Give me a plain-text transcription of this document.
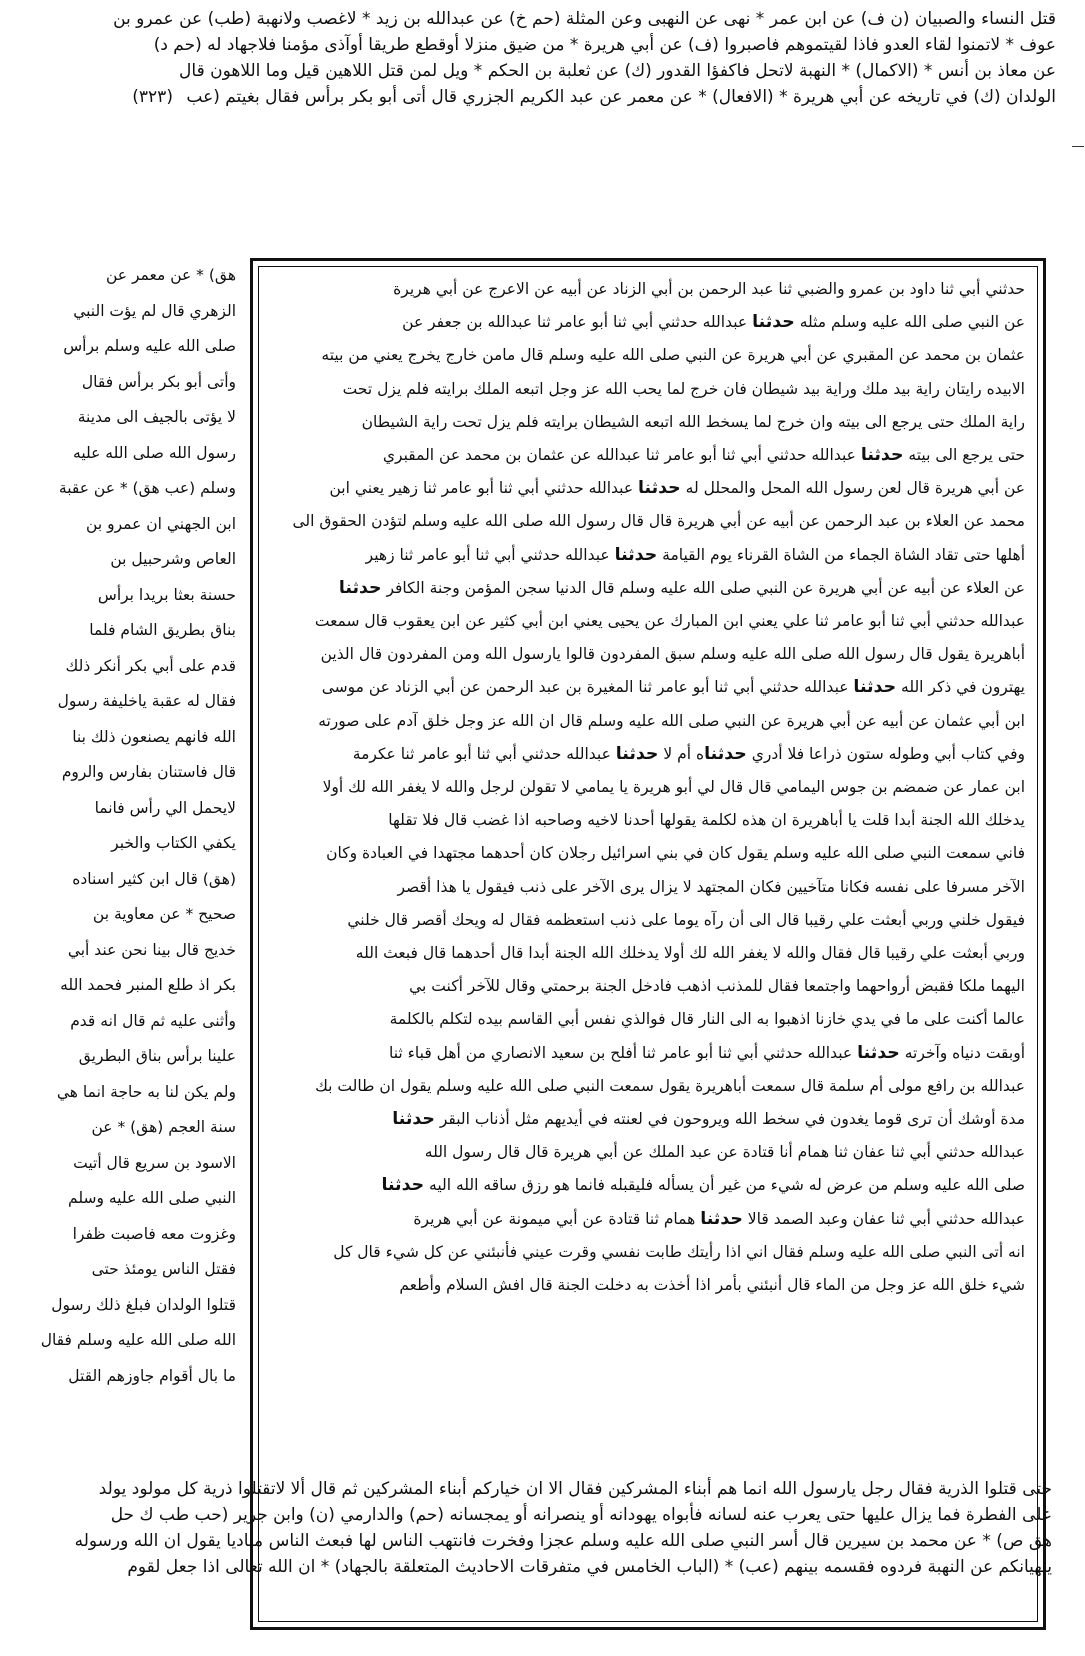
قتل النساء والصبيان (ن ف) عن ابن عمر * نهى عن النهبى وعن المثلة (حم خ) عن عبدالله بن زيد * لاغصب ولانهبة (طب) عن عمرو بن
عوف * لاتمنوا لقاء العدو فاذا لقيتموهم فاصبروا (ف) عن أبي هريرة * من ضيق منزلا أوقطع طريقا أوآذى مؤمنا فلاجهاد له (حم د)
عن معاذ بن أنس * (الاكمال) * النهبة لاتحل فاكفؤا القدور (ك) عن ثعلبة بن الحكم * ويل لمن قتل اللاهين قيل وما اللاهون قال
الولدان (ك) في تاريخه عن أبي هريرة * (الافعال) * عن معمر عن عبد الكريم الجزري قال أتى أبو بكر برأس فقال بغيتم (عب (٣٢٣)

هق) * عن معمر عن

الزهري قال لم يؤت النبي

صلى الله عليه وسلم برأس

وأتى أبو بكر برأس فقال

لا يؤتى بالجيف الى مدينة

رسول الله صلى الله عليه

وسلم (عب هق) * عن عقبة

ابن الجهني ان عمرو بن

العاص وشرحبيل بن

حسنة بعثا بريدا برأس

بناق بطريق الشام فلما

قدم على أبي بكر أنكر ذلك

فقال له عقبة ياخليفة رسول

الله فانهم يصنعون ذلك بنا

قال فاستنان بفارس والروم

لايحمل الي رأس فانما

يكفي الكتاب والخبر

(هق) قال ابن كثير اسناده

صحيح * عن معاوية بن

خديج قال بينا نحن عند أبي

بكر اذ طلع المنبر فحمد الله

وأثنى عليه ثم قال انه قدم

علينا برأس بناق البطريق

ولم يكن لنا به حاجة انما هي

سنة العجم (هق) * عن

الاسود بن سريع قال أتيت

النبي صلى الله عليه وسلم

وغزوت معه فاصبت ظفرا

فقتل الناس يومئذ حتى

قتلوا الولدان فبلغ ذلك رسول

الله صلى الله عليه وسلم فقال

ما بال أقوام جاوزهم القتل

حدثني أبي ثنا داود بن عمرو والضبي ثنا عبد الرحمن بن أبي الزناد عن أبيه عن الاعرج عن أبي هريرة

عن النبي صلى الله عليه وسلم مثله حدثنا عبدالله حدثني أبي ثنا أبو عامر ثنا عبدالله بن جعفر عن

عثمان بن محمد عن المقبري عن أبي هريرة عن النبي صلى الله عليه وسلم قال مامن خارج يخرج يعني من بيته

الابيده رايتان راية بيد ملك وراية بيد شيطان فان خرج لما يحب الله عز وجل اتبعه الملك برايته فلم يزل تحت

راية الملك حتى يرجع الى بيته وان خرج لما يسخط الله اتبعه الشيطان برايته فلم يزل تحت راية الشيطان

حتى يرجع الى بيته حدثنا عبدالله حدثني أبي ثنا أبو عامر ثنا عبدالله عن عثمان بن محمد عن المقبري

عن أبي هريرة قال لعن رسول الله المحل والمحلل له حدثنا عبدالله حدثني أبي ثنا أبو عامر ثنا زهير يعني ابن

محمد عن العلاء بن عبد الرحمن عن أبيه عن أبي هريرة قال قال رسول الله صلى الله عليه وسلم لتؤدن الحقوق الى

أهلها حتى تقاد الشاة الجماء من الشاة القرناء يوم القيامة حدثنا عبدالله حدثني أبي ثنا أبو عامر ثنا زهير

عن العلاء عن أبيه عن أبي هريرة عن النبي صلى الله عليه وسلم قال الدنيا سجن المؤمن وجنة الكافر حدثنا

عبدالله حدثني أبي ثنا أبو عامر ثنا علي يعني ابن المبارك عن يحيى يعني ابن أبي كثير عن ابن يعقوب قال سمعت

أباهريرة يقول قال رسول الله صلى الله عليه وسلم سبق المفردون قالوا يارسول الله ومن المفردون قال الذين

يهترون في ذكر الله حدثنا عبدالله حدثني أبي ثنا أبو عامر ثنا المغيرة بن عبد الرحمن عن أبي الزناد عن موسى

ابن أبي عثمان عن أبيه عن أبي هريرة عن النبي صلى الله عليه وسلم قال ان الله عز وجل خلق آدم على صورته

وفي كتاب أبي وطوله ستون ذراعا فلا أدري حدثناه أم لا حدثنا عبدالله حدثني أبي ثنا أبو عامر ثنا عكرمة

ابن عمار عن ضمضم بن جوس اليمامي قال قال لي أبو هريرة يا يمامي لا تقولن لرجل والله لا يغفر الله لك أولا

يدخلك الله الجنة أبدا قلت يا أباهريرة ان هذه لكلمة يقولها أحدنا لاخيه وصاحبه اذا غضب قال فلا تقلها

فاني سمعت النبي صلى الله عليه وسلم يقول كان في بني اسرائيل رجلان كان أحدهما مجتهدا في العبادة وكان

الآخر مسرفا على نفسه فكانا متآخيين فكان المجتهد لا يزال يرى الآخر على ذنب فيقول يا هذا أقصر

فيقول خلني وربي أبعثت علي رقيبا قال الى أن رآه يوما على ذنب استعظمه فقال له ويحك أقصر قال خلني

وربي أبعثت علي رقيبا قال فقال والله لا يغفر الله لك أولا يدخلك الله الجنة أبدا قال أحدهما قال فبعث الله

اليهما ملكا فقبض أرواحهما واجتمعا فقال للمذنب اذهب فادخل الجنة برحمتي وقال للآخر أكنت بي

عالما أكنت على ما في يدي خازنا اذهبوا به الى النار قال فوالذي نفس أبي القاسم بيده لتكلم بالكلمة

أوبقت دنياه وآخرته حدثنا عبدالله حدثني أبي ثنا أبو عامر ثنا أفلح بن سعيد الانصاري من أهل قباء ثنا

عبدالله بن رافع مولى أم سلمة قال سمعت أباهريرة يقول سمعت النبي صلى الله عليه وسلم يقول ان طالت بك

مدة أوشك أن ترى قوما يغدون في سخط الله ويروحون في لعنته في أيديهم مثل أذناب البقر حدثنا

عبدالله حدثني أبي ثنا عفان ثنا همام أنا قتادة عن عبد الملك عن أبي هريرة قال قال رسول الله

صلى الله عليه وسلم من عرض له شيء من غير أن يسأله فليقبله فانما هو رزق ساقه الله اليه حدثنا

عبدالله حدثني أبي ثنا عفان وعبد الصمد قالا حدثنا همام ثنا قتادة عن أبي ميمونة عن أبي هريرة

انه أتى النبي صلى الله عليه وسلم فقال اني اذا رأيتك طابت نفسي وقرت عيني فأنبئني عن كل شيء قال كل

شيء خلق الله عز وجل من الماء قال أنبئني بأمر اذا أخذت به دخلت الجنة قال افش السلام وأطعم

حتى قتلوا الذرية فقال رجل يارسول الله انما هم أبناء المشركين فقال الا ان خياركم أبناء المشركين ثم قال ألا لاتقتلوا ذرية كل مولود يولد

على الفطرة فما يزال عليها حتى يعرب عنه لسانه فأبواه يهودانه أو ينصرانه أو يمجسانه (حم) والدارمي (ن) وابن جرير (حب طب ك حل

هق ص) * عن محمد بن سيرين قال أسر النبي صلى الله عليه وسلم عجزا وفخرت فانتهب الناس لها فبعث الناس مناديا يقول ان الله ورسوله

ينهيانكم عن النهبة فردوه فقسمه بينهم (عب) * (الباب الخامس في متفرقات الاحاديث المتعلقة بالجهاد) * ان الله تعالى اذا جعل لقوم
